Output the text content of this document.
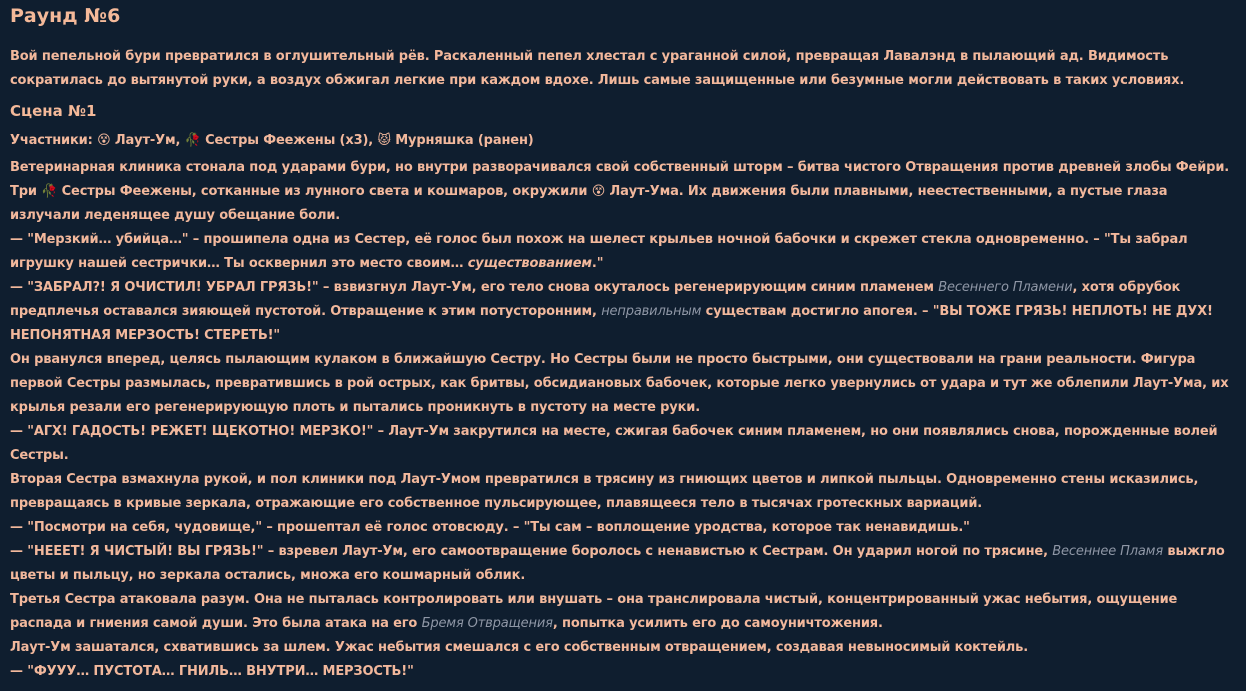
Раунд №6

Вой пепельной бури превратился в оглушительный рёв. Раскаленный пепел хлестал с ураганной силой, превращая Лавалэнд в пылающий ад. Видимость сократилась до вытянутой руки, а воздух обжигал легкие при каждом вдохе. Лишь самые защищенные или безумные могли действовать в таких условиях.

Сцена №1

Участники: 😵 Лаут-Ум, 🥀 Сестры Феежены (x3), 😾 Мурняшка (ранен)

Ветеринарная клиника стонала под ударами бури, но внутри разворачивался свой собственный шторм – битва чистого Отвращения против древней злобы Фейри. Три 🥀 Сестры Феежены, сотканные из лунного света и кошмаров, окружили 😵 Лаут-Ума. Их движения были плавными, неестественными, а пустые глаза излучали леденящее душу обещание боли.

— "Мерзкий… убийца…" – прошипела одна из Сестер, её голос был похож на шелест крыльев ночной бабочки и скрежет стекла одновременно. – "Ты забрал игрушку нашей сестрички… Ты осквернил это место своим… существованием."

— "ЗАБРАЛ?! Я ОЧИСТИЛ! УБРАЛ ГРЯЗЬ!" – взвизгнул Лаут-Ум, его тело снова окуталось регенерирующим синим пламенем Весеннего Пламени, хотя обрубок предплечья оставался зияющей пустотой. Отвращение к этим потусторонним, неправильным существам достигло апогея. – "ВЫ ТОЖЕ ГРЯЗЬ! НЕПЛОТЬ! НЕ ДУХ! НЕПОНЯТНАЯ МЕРЗОСТЬ! СТЕРЕТЬ!"

Он рванулся вперед, целясь пылающим кулаком в ближайшую Сестру. Но Сестры были не просто быстрыми, они существовали на грани реальности. Фигура первой Сестры размылась, превратившись в рой острых, как бритвы, обсидиановых бабочек, которые легко увернулись от удара и тут же облепили Лаут-Ума, их крылья резали его регенерирующую плоть и пытались проникнуть в пустоту на месте руки.

— "АГХ! ГАДОСТЬ! РЕЖЕТ! ЩЕКОТНО! МЕРЗКО!" – Лаут-Ум закрутился на месте, сжигая бабочек синим пламенем, но они появлялись снова, порожденные волей Сестры.

Вторая Сестра взмахнула рукой, и пол клиники под Лаут-Умом превратился в трясину из гниющих цветов и липкой пыльцы. Одновременно стены исказились, превращаясь в кривые зеркала, отражающие его собственное пульсирующее, плавящееся тело в тысячах гротескных вариаций.

— "Посмотри на себя, чудовище," – прошептал её голос отовсюду. – "Ты сам – воплощение уродства, которое так ненавидишь."

— "НЕЕЕТ! Я ЧИСТЫЙ! ВЫ ГРЯЗЬ!" – взревел Лаут-Ум, его самоотвращение боролось с ненавистью к Сестрам. Он ударил ногой по трясине, Весеннее Пламя выжгло цветы и пыльцу, но зеркала остались, множа его кошмарный облик.

Третья Сестра атаковала разум. Она не пыталась контролировать или внушать – она транслировала чистый, концентрированный ужас небытия, ощущение распада и гниения самой души. Это была атака на его Бремя Отвращения, попытка усилить его до самоуничтожения.

Лаут-Ум зашатался, схватившись за шлем. Ужас небытия смешался с его собственным отвращением, создавая невыносимый коктейль.

— "ФУУУ… ПУСТОТА… ГНИЛЬ… ВНУТРИ… МЕРЗОСТЬ!"
